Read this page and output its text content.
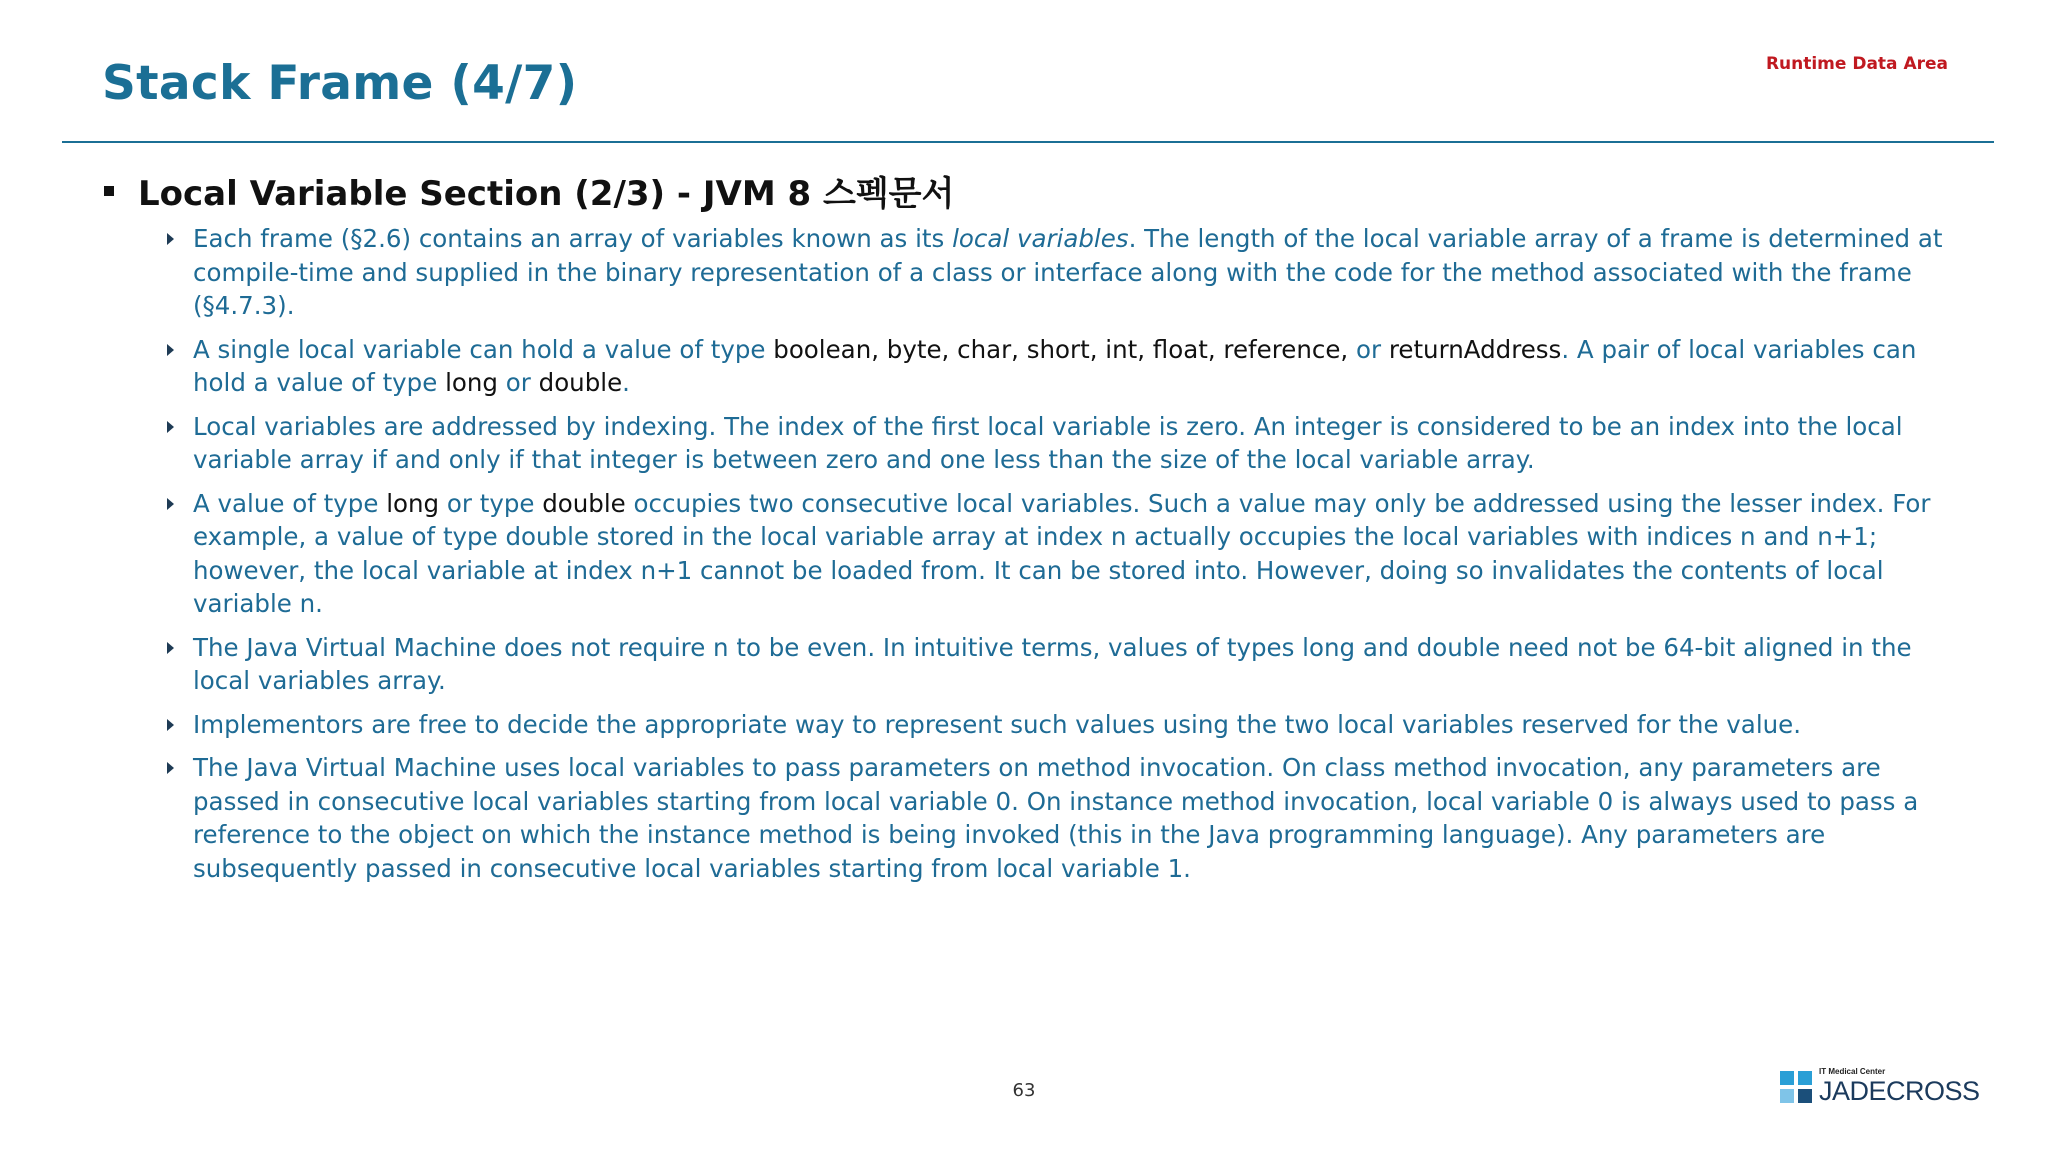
Stack Frame (4/7)	Runtime Data Area
Local Variable Section (2/3) - JVM 8 스펙문서
Each frame (§2.6) contains an array of variables known as its local variables. The length of the local variable array of a frame is determined at compile-time and supplied in the binary representation of a class or interface along with the code for the method associated with the frame (§4.7.3).
A single local variable can hold a value of type boolean, byte, char, short, int, float, reference, or returnAddress. A pair of local variables can hold a value of type long or double.
Local variables are addressed by indexing. The index of the first local variable is zero. An integer is considered to be an index into the local variable array if and only if that integer is between zero and one less than the size of the local variable array.
A value of type long or type double occupies two consecutive local variables. Such a value may only be addressed using the lesser index. For example, a value of type double stored in the local variable array at index n actually occupies the local variables with indices n and n+1; however, the local variable at index n+1 cannot be loaded from. It can be stored into. However, doing so invalidates the contents of local variable n.
The Java Virtual Machine does not require n to be even. In intuitive terms, values of types long and double need not be 64-bit aligned in the local variables array.
Implementors are free to decide the appropriate way to represent such values using the two local variables reserved for the value.
The Java Virtual Machine uses local variables to pass parameters on method invocation. On class method invocation, any parameters are passed in consecutive local variables starting from local variable 0. On instance method invocation, local variable 0 is always used to pass a reference to the object on which the instance method is being invoked (this in the Java programming language). Any parameters are subsequently passed in consecutive local variables starting from local variable 1.
63
IT Medical Center
JADECROSS
